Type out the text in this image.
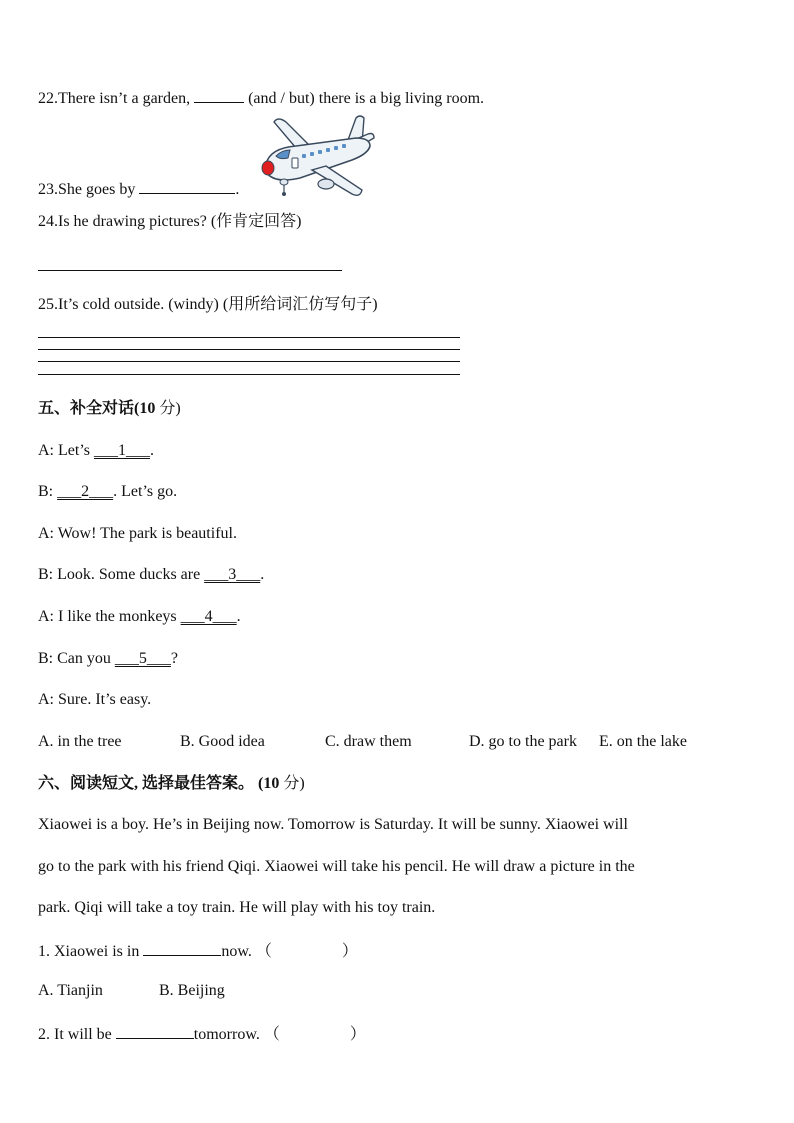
22.There isn’t a garden,	(and / but) there is a big living room.
23.She goes by	.
24.Is he drawing pictures? (作肯定回答)
25.It’s cold outside. (windy) (用所给词汇仿写句子)
五、补全对话(10 分)
A: Let’s ___1___.
B: ___2___. Let’s go.
A: Wow! The park is beautiful.
B: Look. Some ducks are ___3___.
A: I like the monkeys ___4___.
B: Can you ___5___?
A: Sure. It’s easy.
A. in the tree	B. Good idea	C. draw them	D. go to the park E. on the lake
六、阅读短文, 选择最佳答案。 (10 分)
Xiaowei is a boy. He’s in Beijing now. Tomorrow is Saturday. It will be sunny. Xiaowei will
go to the park with his friend Qiqi. Xiaowei will take his pencil. He will draw a picture in the
park. Qiqi will take a toy train. He will play with his toy train.
1. Xiaowei is in	now. （	）
A. Tianjin	B. Beijing
2. It will be	tomorrow. （	）
